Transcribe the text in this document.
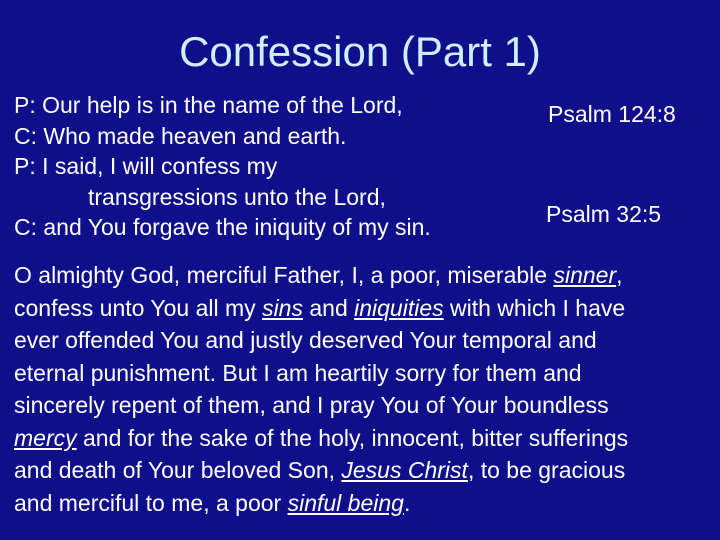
Confession (Part 1)
P: Our help is in the name of the Lord,
C: Who made heaven and earth.
P: I said, I will confess my
transgressions unto the Lord,
C: and You forgave the iniquity of my sin.
Psalm 124:8
Psalm 32:5
O almighty God, merciful Father, I, a poor, miserable sinner,
confess unto You all my sins and iniquities with which I have
ever offended You and justly deserved Your temporal and
eternal punishment. But I am heartily sorry for them and
sincerely repent of them, and I pray You of Your boundless
mercy and for the sake of the holy, innocent, bitter sufferings
and death of Your beloved Son, Jesus Christ, to be gracious
and merciful to me, a poor sinful being.
